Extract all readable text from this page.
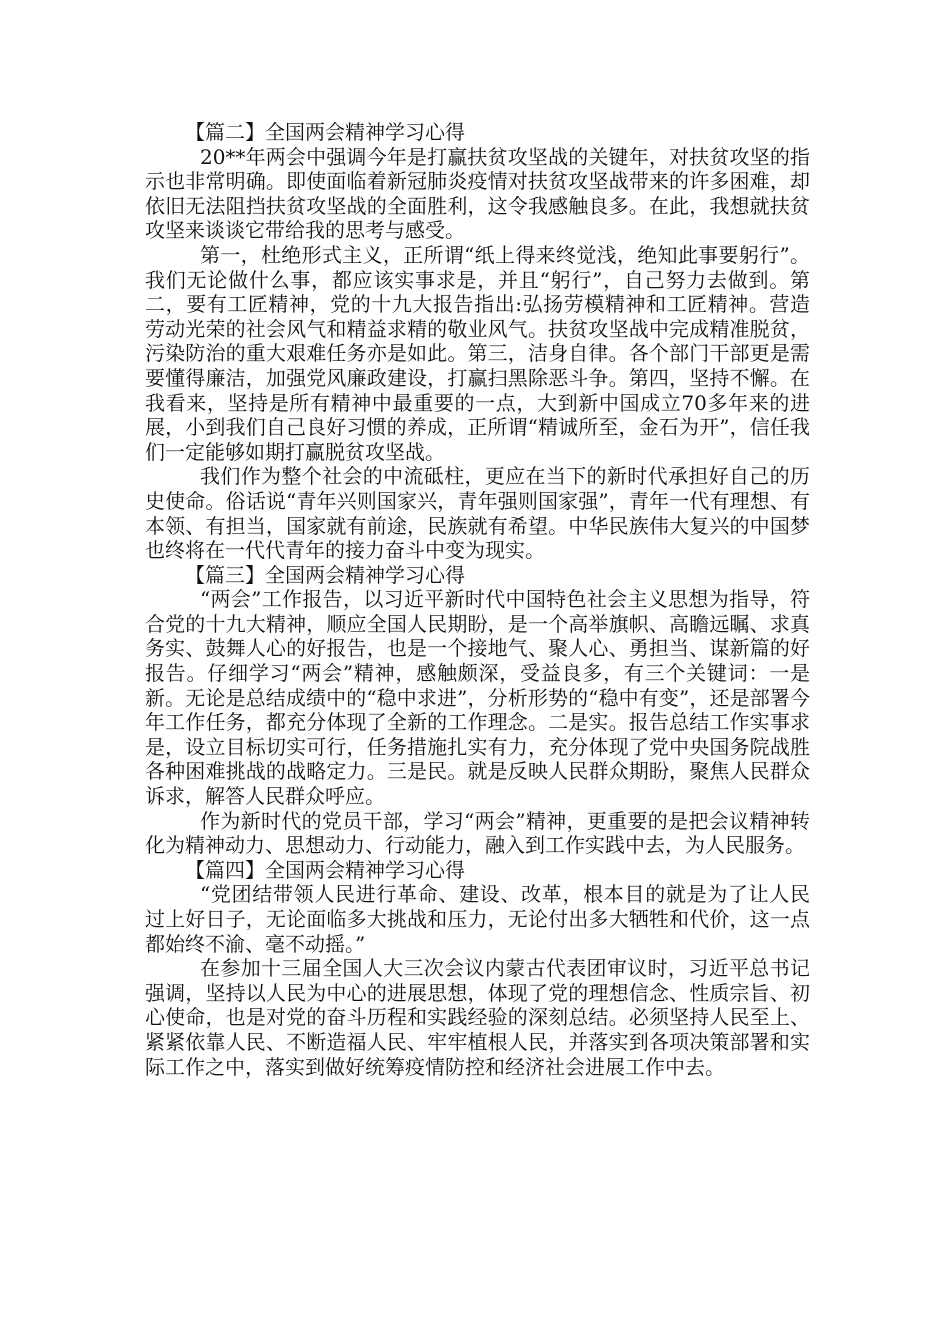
【篇二】全国两会精神学习心得

20**年两会中强调今年是打赢扶贫攻坚战的关键年，对扶贫攻坚的指示也非常明确。即使面临着新冠肺炎疫情对扶贫攻坚战带来的许多困难，却依旧无法阻挡扶贫攻坚战的全面胜利，这令我感触良多。在此，我想就扶贫攻坚来谈谈它带给我的思考与感受。

第一，杜绝形式主义，正所谓“纸上得来终觉浅，绝知此事要躬行”。我们无论做什么事，都应该实事求是，并且“躬行”，自己努力去做到。第二，要有工匠精神，党的十九大报告指出:弘扬劳模精神和工匠精神。营造劳动光荣的社会风气和精益求精的敬业风气。扶贫攻坚战中完成精准脱贫，污染防治的重大艰难任务亦是如此。第三，洁身自律。各个部门干部更是需要懂得廉洁，加强党风廉政建设，打赢扫黑除恶斗争。第四，坚持不懈。在我看来，坚持是所有精神中最重要的一点，大到新中国成立70多年来的进展，小到我们自己良好习惯的养成，正所谓“精诚所至，金石为开”，信任我们一定能够如期打赢脱贫攻坚战。

我们作为整个社会的中流砥柱，更应在当下的新时代承担好自己的历史使命。俗话说“青年兴则国家兴，青年强则国家强”，青年一代有理想、有本领、有担当，国家就有前途，民族就有希望。中华民族伟大复兴的中国梦也终将在一代代青年的接力奋斗中变为现实。

【篇三】全国两会精神学习心得

“两会”工作报告，以习近平新时代中国特色社会主义思想为指导，符合党的十九大精神，顺应全国人民期盼，是一个高举旗帜、高瞻远瞩、求真务实、鼓舞人心的好报告，也是一个接地气、聚人心、勇担当、谋新篇的好报告。仔细学习“两会”精神，感触颇深，受益良多，有三个关键词：一是新。无论是总结成绩中的“稳中求进”，分析形势的“稳中有变”，还是部署今年工作任务，都充分体现了全新的工作理念。二是实。报告总结工作实事求是，设立目标切实可行，任务措施扎实有力，充分体现了党中央国务院战胜各种困难挑战的战略定力。三是民。就是反映人民群众期盼，聚焦人民群众诉求，解答人民群众呼应。

作为新时代的党员干部，学习“两会”精神，更重要的是把会议精神转化为精神动力、思想动力、行动能力，融入到工作实践中去，为人民服务。

【篇四】全国两会精神学习心得

“党团结带领人民进行革命、建设、改革，根本目的就是为了让人民过上好日子，无论面临多大挑战和压力，无论付出多大牺牲和代价，这一点都始终不渝、毫不动摇。”

在参加十三届全国人大三次会议内蒙古代表团审议时，习近平总书记强调，坚持以人民为中心的进展思想，体现了党的理想信念、性质宗旨、初心使命，也是对党的奋斗历程和实践经验的深刻总结。必须坚持人民至上、紧紧依靠人民、不断造福人民、牢牢植根人民，并落实到各项决策部署和实际工作之中，落实到做好统筹疫情防控和经济社会进展工作中去。
